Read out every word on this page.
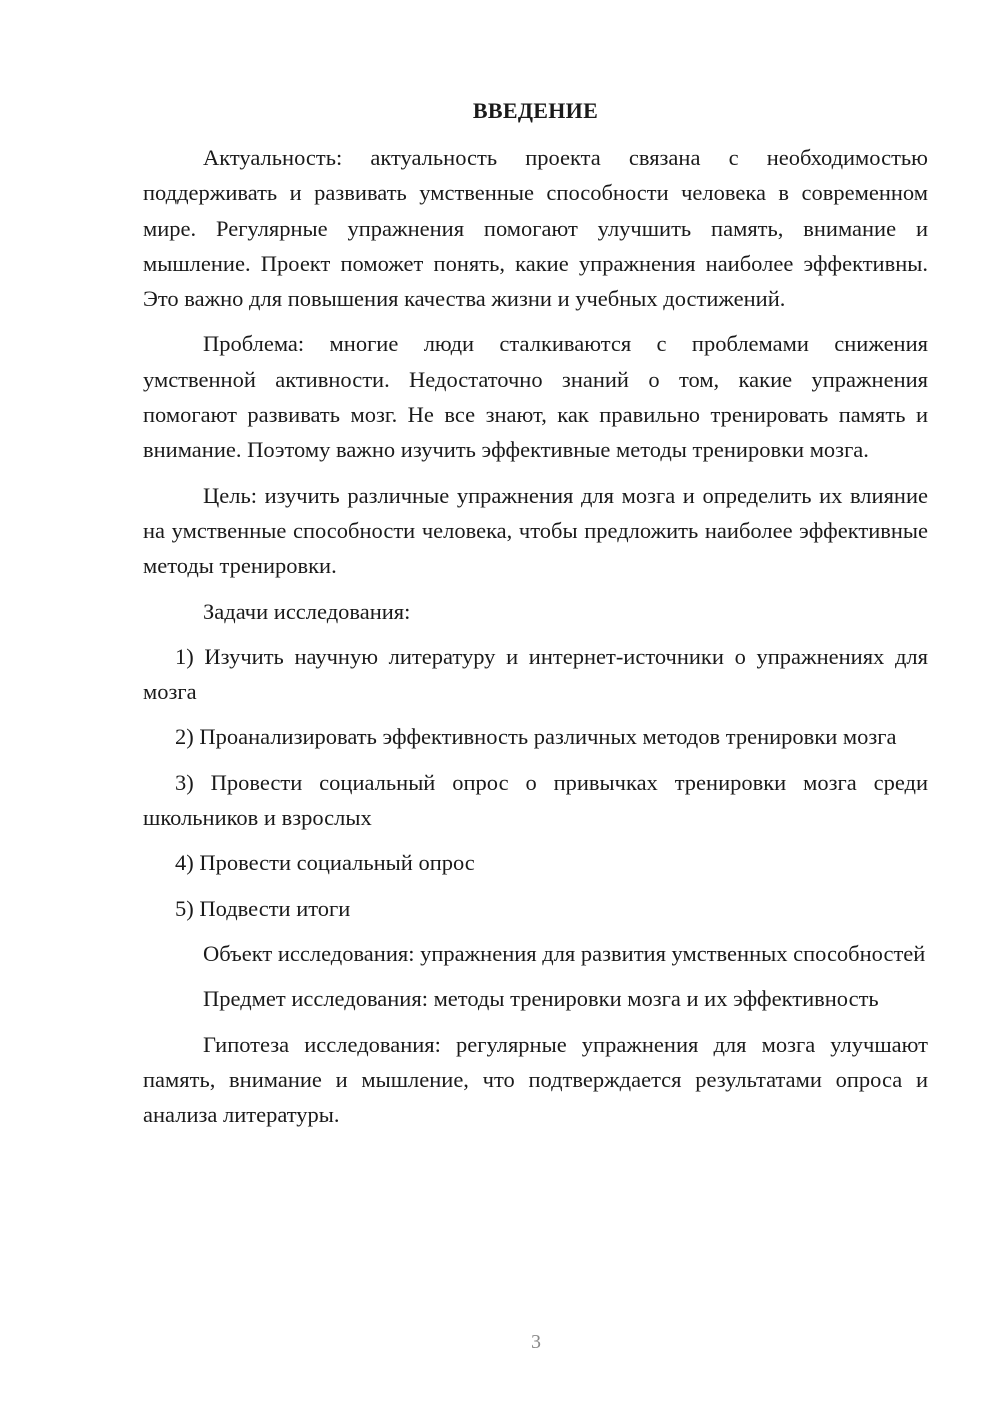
ВВЕДЕНИЕ

Актуальность: актуальность проекта связана с необходимостью поддерживать и развивать умственные способности человека в современном мире. Регулярные упражнения помогают улучшить память, внимание и мышление. Проект поможет понять, какие упражнения наиболее эффективны. Это важно для повышения качества жизни и учебных достижений.

Проблема: многие люди сталкиваются с проблемами снижения умственной активности. Недостаточно знаний о том, какие упражнения помогают развивать мозг. Не все знают, как правильно тренировать память и внимание. Поэтому важно изучить эффективные методы тренировки мозга.

Цель: изучить различные упражнения для мозга и определить их влияние на умственные способности человека, чтобы предложить наиболее эффективные методы тренировки.

Задачи исследования:

1) Изучить научную литературу и интернет-источники о упражнениях для мозга

2) Проанализировать эффективность различных методов тренировки мозга

3) Провести социальный опрос о привычках тренировки мозга среди школьников и взрослых

4) Провести социальный опрос

5) Подвести итоги

Объект исследования: упражнения для развития умственных способностей

Предмет исследования: методы тренировки мозга и их эффективность

Гипотеза исследования: регулярные упражнения для мозга улучшают память, внимание и мышление, что подтверждается результатами опроса и анализа литературы.

3
